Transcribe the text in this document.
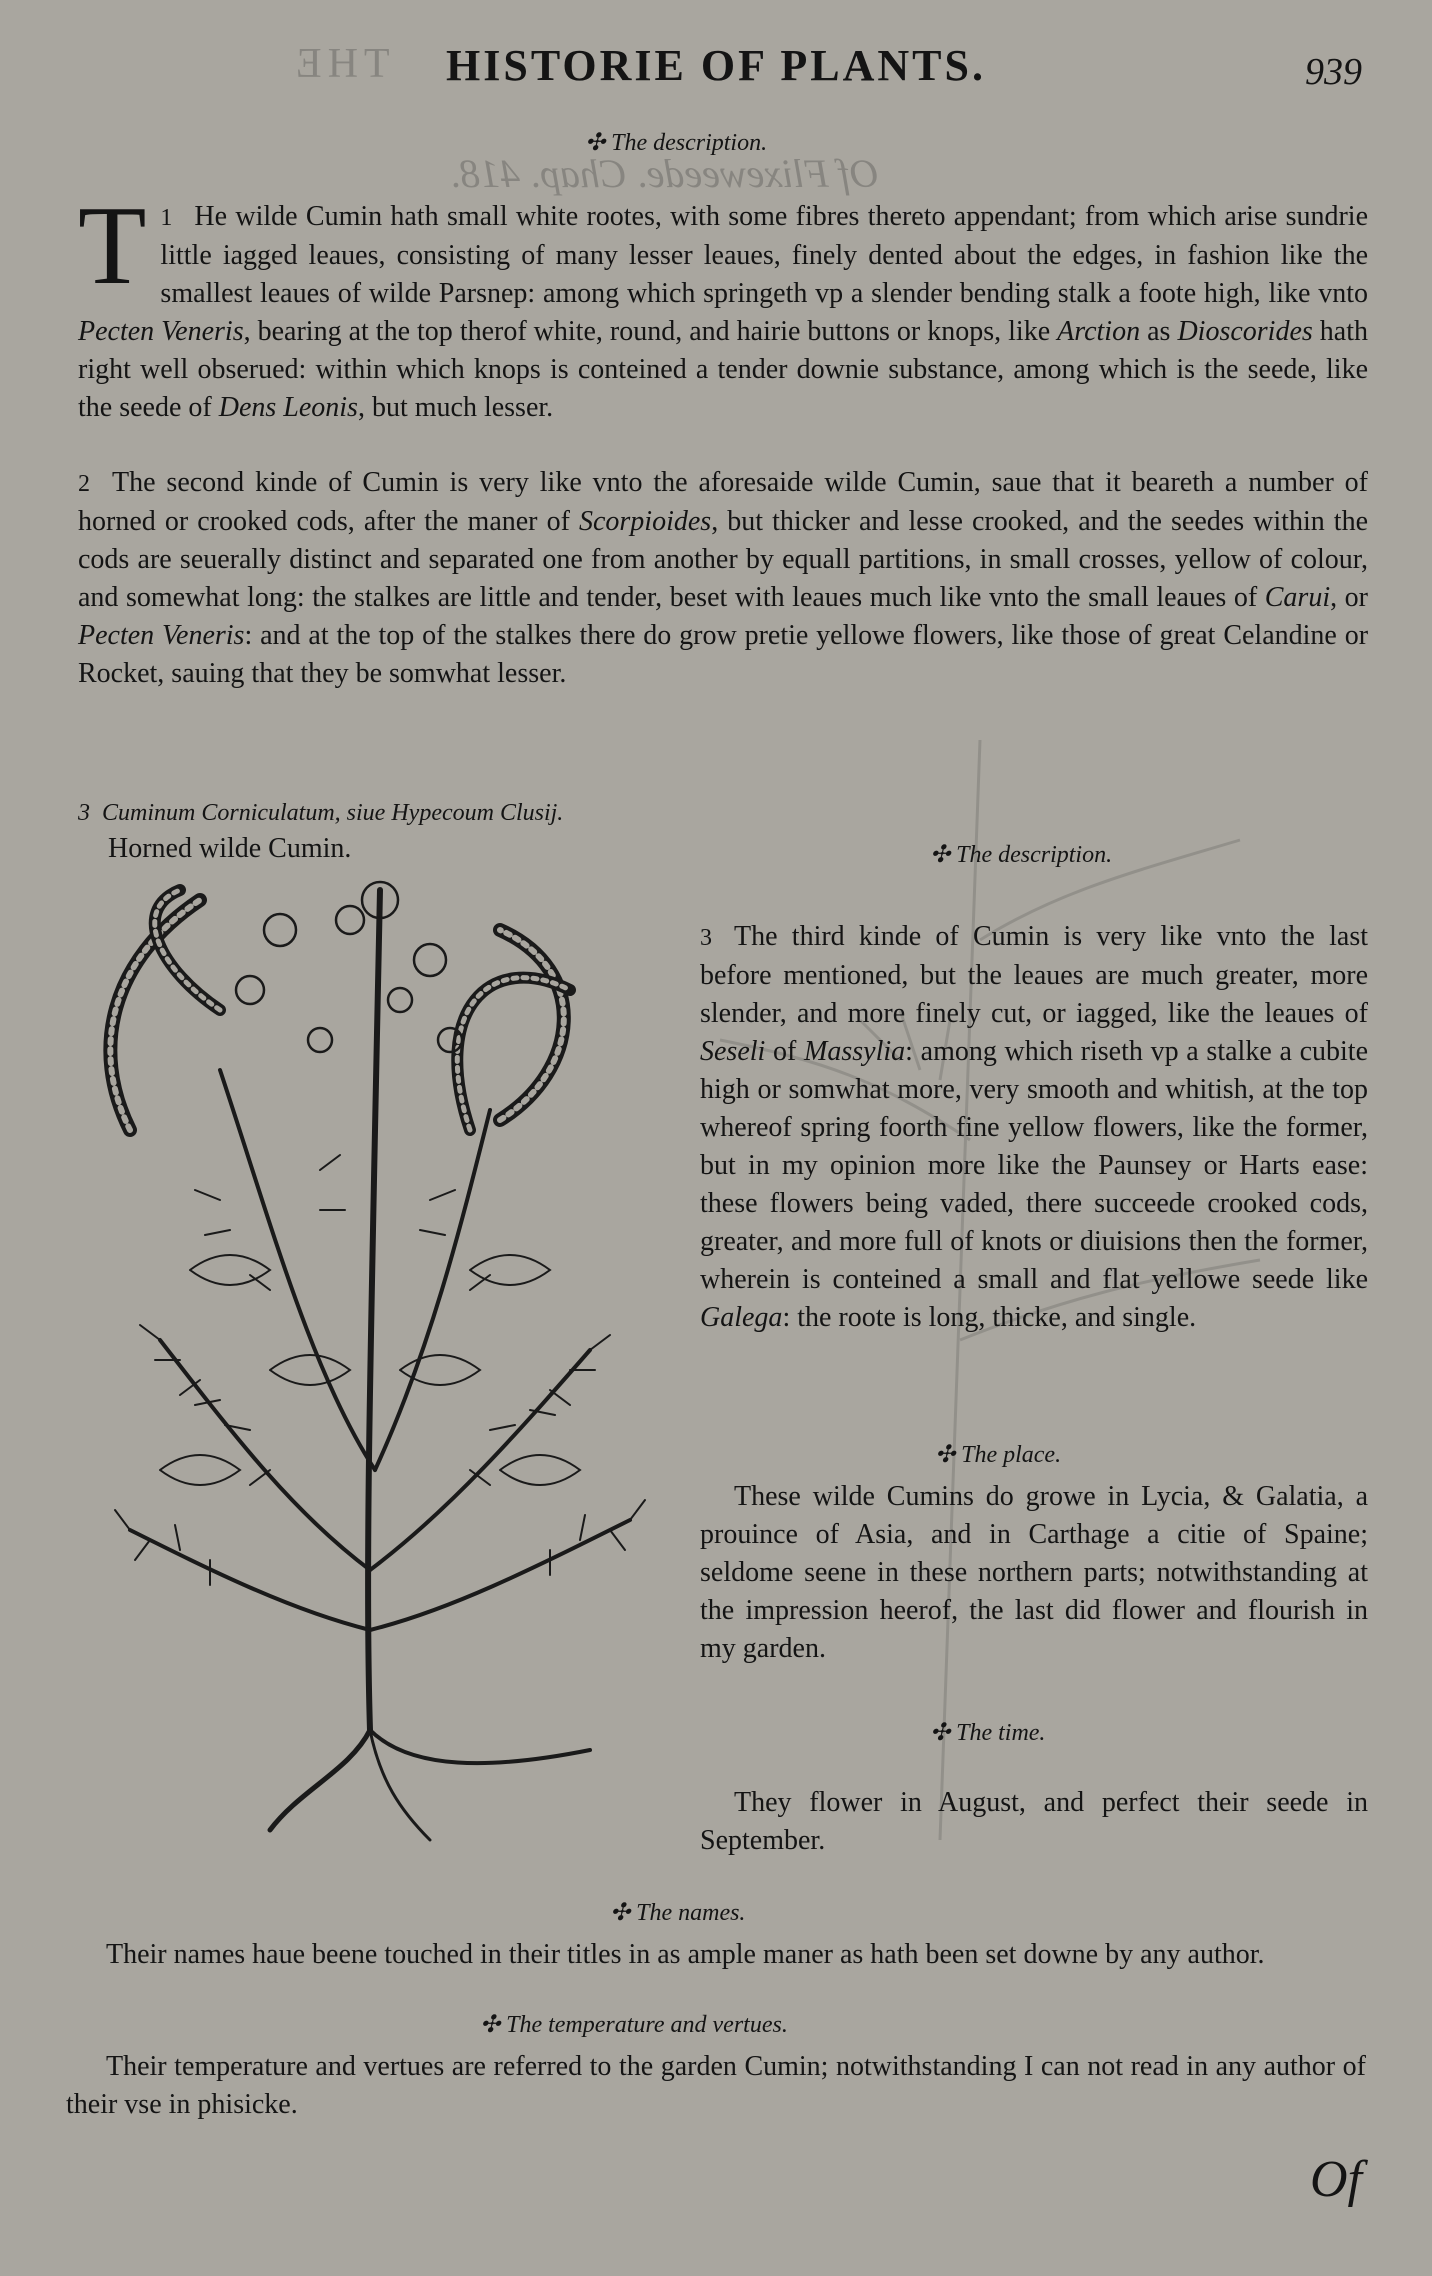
THE
Of Flixeweede. Chap. 418.
HISTORIE OF PLANTS.	939
✣ The description.
1
T He wilde Cumin hath small white rootes, with some fibres thereto appendant; from which arise sundrie little iagged leaues, consisting of many lesser leaues, finely dented about the edges, in fashion like the smallest leaues of wilde Parsnep: among which springeth vp a slender bending stalk a foote high, like vnto Pecten Veneris, bearing at the top therof white, round, and hairie buttons or knops, like Arction as Dioscorides hath right well obserued: within which knops is conteined a tender downie substance, among which is the seede, like the seede of Dens Leonis, but much lesser.
2 The second kinde of Cumin is very like vnto the aforesaide wilde Cumin, saue that it beareth a number of horned or crooked cods, after the maner of Scorpioides, but thicker and lesse crooked, and the seedes within the cods are seuerally distinct and separated one from another by equall partitions, in small crosses, yellow of colour, and somewhat long: the stalkes are little and tender, beset with leaues much like vnto the small leaues of Carui, or Pecten Veneris: and at the top of the stalkes there do grow pretie yellowe flowers, like those of great Celandine or Rocket, sauing that they be somwhat lesser.
3 Cuminum Corniculatum, siue Hypecoum Clusij.
Horned wilde Cumin.	✣ The description.
3 The third kinde of Cumin is very like vnto the last before mentioned, but the leaues are much greater, more slender, and more finely cut, or iagged, like the leaues of Seseli of Massylia: among which riseth vp a stalke a cubite high or somwhat more, very smooth and whitish, at the top whereof spring foorth fine yellow flowers, like the former, but in my opinion more like the Paunsey or Harts ease: these flowers being vaded, there succeede crooked cods, greater, and more full of knots or diuisions then the former, wherein is conteined a small and flat yellowe seede like Galega: the roote is long, thicke, and single.
✣ The place.
These wilde Cumins do growe in Lycia, & Galatia, a prouince of Asia, and in Carthage a citie of Spaine; seldome seene in these northern parts; notwithstanding at the impression heerof, the last did flower and flourish in my garden.
✣ The time.
They flower in August, and perfect their seede in September.
✣ The names.
Their names haue beene touched in their titles in as ample maner as hath been set downe by any author.
✣ The temperature and vertues.
Their temperature and vertues are referred to the garden Cumin; notwithstanding I can not read in any author of their vse in phisicke.
Of
